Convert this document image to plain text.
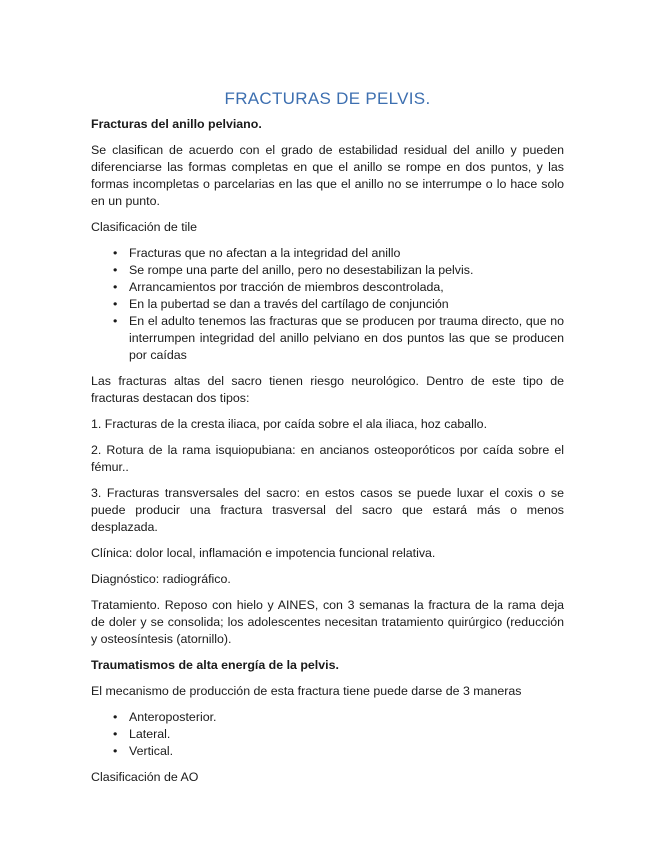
FRACTURAS DE PELVIS.
Fracturas del anillo pelviano.

Se clasifican de acuerdo con el grado de estabilidad residual del anillo y pueden diferenciarse las formas completas en que el anillo se rompe en dos puntos, y las formas incompletas o parcelarias en las que el anillo no se interrumpe o lo hace solo en un punto.

Clasificación de tile

• Fracturas que no afectan a la integridad del anillo
• Se rompe una parte del anillo, pero no desestabilizan la pelvis.
• Arrancamientos por tracción de miembros descontrolada,
• En la pubertad se dan a través del cartílago de conjunción
• En el adulto tenemos las fracturas que se producen por trauma directo, que no interrumpen integridad del anillo pelviano en dos puntos las que se producen por caídas

Las fracturas altas del sacro tienen riesgo neurológico. Dentro de este tipo de fracturas destacan dos tipos:

1. Fracturas de la cresta iliaca, por caída sobre el ala iliaca, hoz caballo.

2. Rotura de la rama isquiopubiana: en ancianos osteoporóticos por caída sobre el fémur..

3. Fracturas transversales del sacro: en estos casos se puede luxar el coxis o se puede producir una fractura trasversal del sacro que estará más o menos desplazada.

Clínica: dolor local, inflamación e impotencia funcional relativa.

Diagnóstico: radiográfico.

Tratamiento. Reposo con hielo y AINES, con 3 semanas la fractura de la rama deja de doler y se consolida; los adolescentes necesitan tratamiento quirúrgico (reducción y osteosíntesis (atornillo).

Traumatismos de alta energía de la pelvis.

El mecanismo de producción de esta fractura tiene puede darse de 3 maneras

• Anteroposterior.
• Lateral.
• Vertical.

Clasificación de AO
